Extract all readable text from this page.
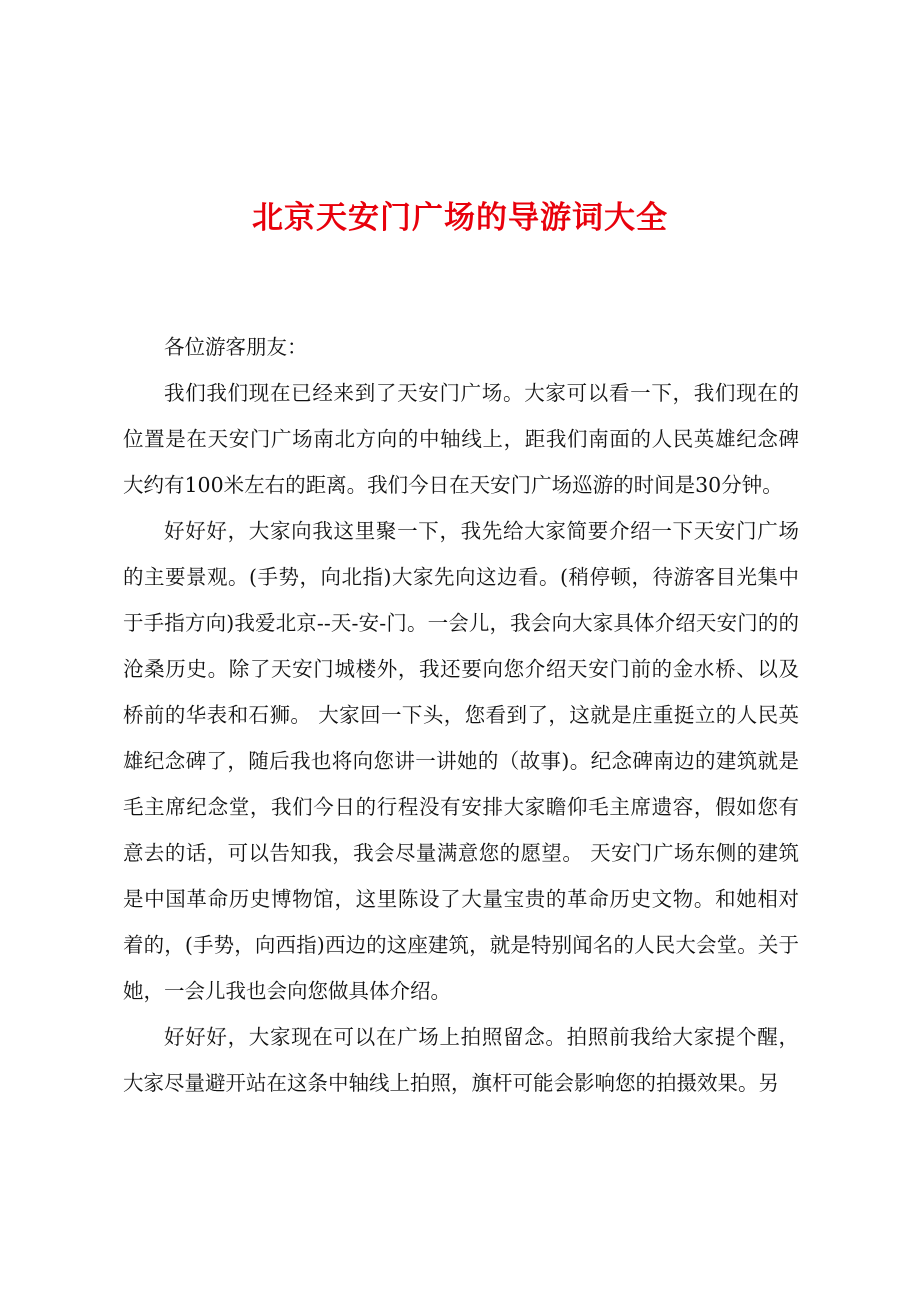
北京天安门广场的导游词大全

各位游客朋友：

我们我们现在已经来到了天安门广场。大家可以看一下，我们现在的位置是在天安门广场南北方向的中轴线上，距我们南面的人民英雄纪念碑大约有100米左右的距离。我们今日在天安门广场巡游的时间是30分钟。

好好好，大家向我这里聚一下，我先给大家简要介绍一下天安门广场的主要景观。(手势，向北指)大家先向这边看。(稍停顿，待游客目光集中于手指方向)我爱北京--天-安-门。一会儿，我会向大家具体介绍天安门的的沧桑历史。除了天安门城楼外，我还要向您介绍天安门前的金水桥、以及桥前的华表和石狮。 大家回一下头，您看到了，这就是庄重挺立的人民英雄纪念碑了，随后我也将向您讲一讲她的（故事)。纪念碑南边的建筑就是毛主席纪念堂，我们今日的行程没有安排大家瞻仰毛主席遗容，假如您有意去的话，可以告知我，我会尽量满意您的愿望。 天安门广场东侧的建筑是中国革命历史博物馆，这里陈设了大量宝贵的革命历史文物。和她相对着的，(手势，向西指)西边的这座建筑，就是特别闻名的人民大会堂。关于她，一会儿我也会向您做具体介绍。

好好好，大家现在可以在广场上拍照留念。拍照前我给大家提个醒，大家尽量避开站在这条中轴线上拍照，旗杆可能会影响您的拍摄效果。另
